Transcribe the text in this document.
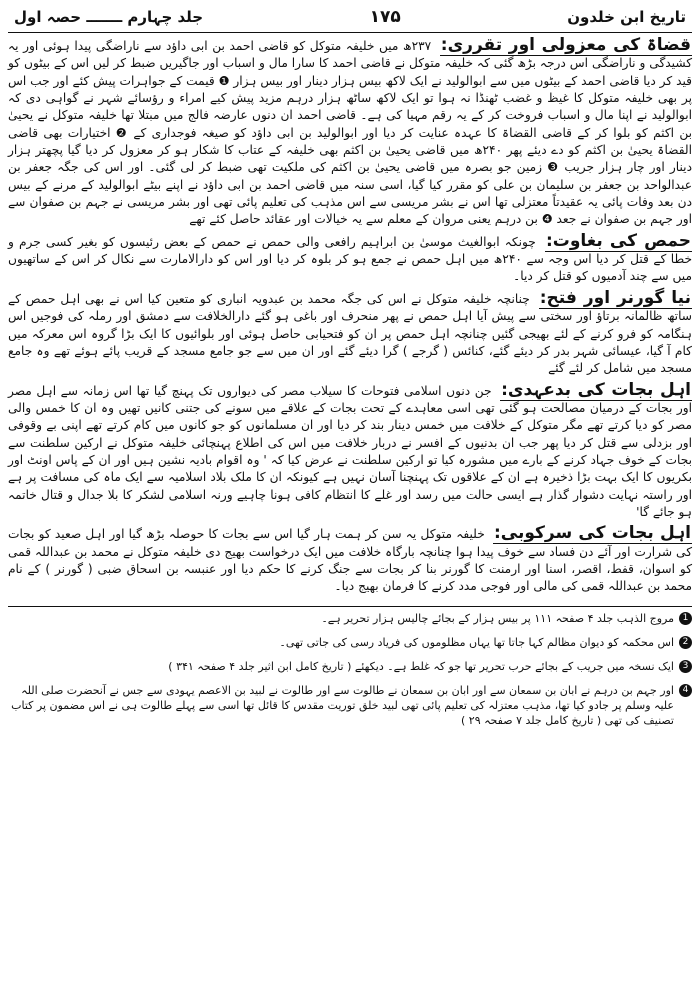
تاریخ ابن خلدون
۱۷۵
جلد چہارم ـــــــ حصہ اول

قضاۃ کی معزولی اور تقرری: ۲۳۷ھ میں خلیفہ متوکل کو قاضی احمد بن ابی داؤد سے ناراضگی پیدا ہوئی اور یہ کشیدگی و ناراضگی اس درجہ بڑھ گئی کہ خلیفہ متوکل نے قاضی احمد کا سارا مال و اسباب اور جاگیریں ضبط کر لیں اس کے بیٹوں کو قید کر دیا قاضی احمد کے بیٹوں میں سے ابوالولید نے ایک لاکھ بیس ہزار دینار اور بیس ہزار ❶ قیمت کے جواہرات پیش کئے اور جب اس پر بھی خلیفہ متوکل کا غیظ و غضب ٹھنڈا نہ ہوا تو ایک لاکھ ساٹھ ہزار درہم مزید پیش کیے امراء و رؤسائے شہر نے گواہی دی کہ ابوالولید نے اپنا مال و اسباب فروخت کر کے یہ رقم مہیا کی ہے۔ قاضی احمد ان دنوں عارضہ فالج میں مبتلا تھا خلیفہ متوکل نے یحییٰ بن اکثم کو بلوا کر کے قاضی القضاۃ کا عہدہ عنایت کر دیا اور ابوالولید بن ابی داؤد کو صیغہ فوجداری کے ❷ اختیارات بھی قاضی القضاۃ یحییٰ بن اکثم کو دے دیئے پھر ۲۴۰ھ میں قاضی یحییٰ بن اکثم بھی خلیفہ کے عتاب کا شکار ہو کر معزول کر دیا گیا پچھتر ہزار دینار اور چار ہزار جریب ❸ زمین جو بصرہ میں قاضی یحییٰ بن اکثم کی ملکیت تھی ضبط کر لی گئی۔ اور اس کی جگہ جعفر بن عبدالواحد بن جعفر بن سلیمان بن علی کو مقرر کیا گیا، اسی سنہ میں قاضی احمد بن ابی داؤد نے اپنے بیٹے ابوالولید کے مرنے کے بیس دن بعد وفات پائی یہ عقیدتاً معتزلی تھا اس نے بشر مریسی سے اس مذہب کی تعلیم پائی تھی اور بشر مریسی نے جہم بن صفوان سے اور جہم بن صفوان نے جعد ❹ بن درہم یعنی مروان کے معلم سے یہ خیالات اور عقائد حاصل کئے تھے

حمص کی بغاوت: چونکہ ابوالغیث موسیٰ بن ابراہیم رافعی والی حمص نے حمص کے بعض رئیسوں کو بغیر کسی جرم و خطا کے قتل کر دیا اس وجہ سے ۲۴۰ھ میں اہل حمص نے جمع ہو کر بلوہ کر دیا اور اس کو دارالامارت سے نکال کر اس کے ساتھیوں میں سے چند آدمیوں کو قتل کر دیا۔

نیا گورنر اور فتح: چنانچہ خلیفہ متوکل نے اس کی جگہ محمد بن عبدویہ انباری کو متعین کیا اس نے بھی اہل حمص کے ساتھ ظالمانہ برتاؤ اور سختی سے پیش آیا اہل حمص نے پھر منحرف اور باغی ہو گئے دارالخلافت سے دمشق اور رملہ کی فوجیں اس ہنگامہ کو فرو کرنے کے لئے بھیجی گئیں چنانچہ اہل حمص پر ان کو فتحیابی حاصل ہوئی اور بلوائیوں کا ایک بڑا گروہ اس معرکہ میں کام آ گیا، عیسائی شہر بدر کر دیئے گئے، کنائس ( گرجے ) گرا دیئے گئے اور ان میں سے جو جامع مسجد کے قریب پائے ہوئے تھے وہ جامع مسجد میں شامل کر لئے گئے

اہل بجات کی بدعہدی: جن دنوں اسلامی فتوحات کا سیلاب مصر کی دیواروں تک پہنچ گیا تھا اس زمانہ سے اہل مصر اور بجات کے درمیان مصالحت ہو گئی تھی اسی معاہدے کے تحت بجات کے علاقے میں سونے کی جتنی کانیں تھیں وہ ان کا خمس والی مصر کو دیا کرتے تھے مگر متوکل کے خلافت میں خمس دینار بند کر دیا اور ان مسلمانوں کو جو کانوں میں کام کرتے تھے اپنی بے وقوفی اور بزدلی سے قتل کر دیا پھر جب ان بدنیوں کے افسر نے دربار خلافت میں اس کی اطلاع پہنچائی خلیفہ متوکل نے ارکین سلطنت سے بجات کے خوف جہاد کرنے کے بارے میں مشورہ کیا تو ارکین سلطنت نے عرض کیا کہ ' وہ اقوام بادیہ نشین ہیں اور ان کے پاس اونٹ اور بکریوں کا ایک بہت بڑا ذخیرہ ہے ان کے علاقوں تک پہنچنا آسان نہیں ہے کیونکہ ان کا ملک بلاد اسلامیہ سے ایک ماہ کی مسافت پر ہے اور راستہ نہایت دشوار گذار ہے ایسی حالت میں رسد اور غلے کا انتظام کافی ہونا چاہیے ورنہ اسلامی لشکر کا بلا جدال و قتال خاتمہ ہو جائے گا'

اہل بجات کی سرکوبی: خلیفہ متوکل یہ سن کر ہمت ہار گیا اس سے بجات کا حوصلہ بڑھ گیا اور اہل صعید کو بجات کی شرارت اور آئے دن فساد سے خوف پیدا ہوا چنانچہ بارگاہ خلافت میں ایک درخواست بھیج دی خلیفہ متوکل نے محمد بن عبداللہ قمی کو اسوان، قفط، اقصر، اسنا اور ارمنت کا گورنر بنا کر بجات سے جنگ کرنے کا حکم دیا اور عنبسہ بن اسحاق ضبی ( گورنر ) کے نام محمد بن عبداللہ قمی کی مالی اور فوجی مدد کرنے کا فرمان بھیج دیا۔

1
مروج الذہب جلد ۴ صفحہ ۱۱۱ پر بیس ہزار کے بجائے چالیس ہزار تحریر ہے۔
2
اس محکمہ کو دیوان مظالم کہا جاتا تھا یہاں مظلوموں کی فریاد رسی کی جاتی تھی۔
3
ایک نسخہ میں جریب کے بجائے حرب تحریر تھا جو کہ غلط ہے۔ دیکھئے ( تاریخ کامل ابن اثیر جلد ۴ صفحہ ۳۴۱ )
4
اور جہم بن درہم نے ابان بن سمعان سے اور ابان بن سمعان نے طالوت سے اور طالوت نے لبید بن الاعصم یہودی سے جس نے آنحضرت صلی اللہ علیہ وسلم پر جادو کیا تھا، مذہب معتزلہ کی تعلیم پائی تھی لبید خلق توریت مقدس کا قائل تھا اسی سے پہلے طالوت ہی نے اس مضمون پر کتاب تصنیف کی تھی ( تاریخ کامل جلد ۷ صفحہ ۲۹ )
